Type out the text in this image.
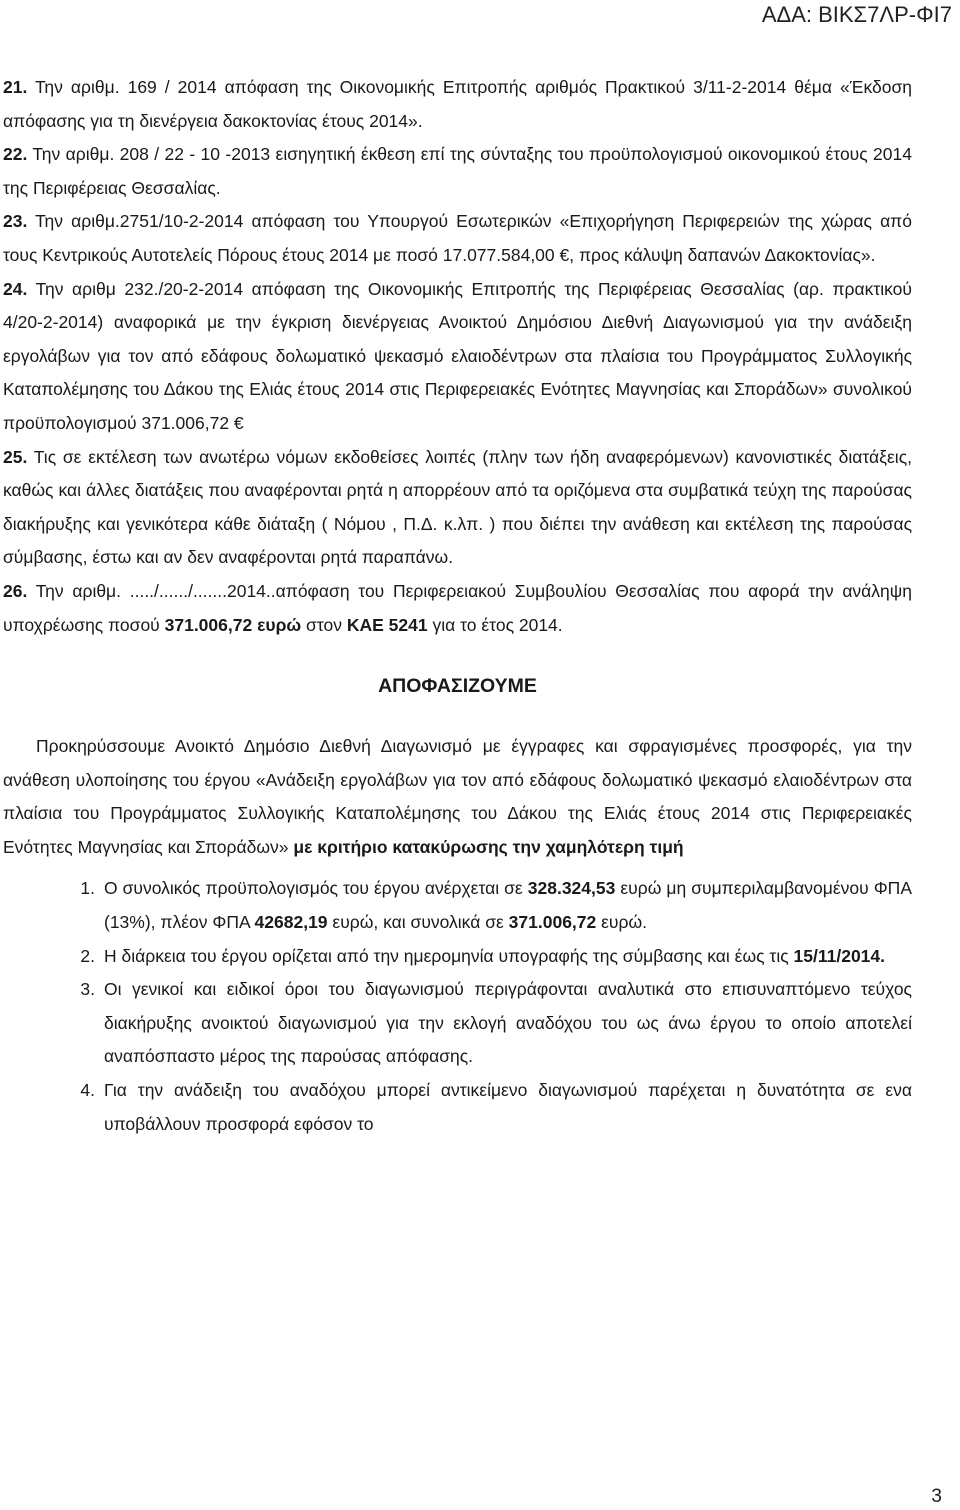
ΑΔΑ: ΒΙΚΣ7ΛΡ-ΦΙ7

21. Την αριθμ. 169 / 2014 απόφαση της Οικονομικής Επιτροπής αριθμός Πρακτικού 3/11-2-2014 θέμα «Έκδοση απόφασης για τη διενέργεια δακοκτονίας έτους 2014».

22. Την αριθμ. 208 / 22 - 10 -2013 εισηγητική έκθεση επί της σύνταξης του προϋπολογισμού οικονομικού έτους 2014 της Περιφέρειας Θεσσαλίας.

23. Την αριθμ.2751/10-2-2014 απόφαση του Υπουργού Εσωτερικών «Επιχορήγηση Περιφερειών της χώρας από τους Κεντρικούς Αυτοτελείς Πόρους έτους 2014 με ποσό 17.077.584,00 €, προς κάλυψη δαπανών Δακοκτονίας».

24. Την αριθμ 232./20-2-2014 απόφαση της Οικονομικής Επιτροπής της Περιφέρειας Θεσσαλίας (αρ. πρακτικού 4/20-2-2014) αναφορικά με την έγκριση διενέργειας Ανοικτού Δημόσιου Διεθνή Διαγωνισμού για την ανάδειξη εργολάβων για τον από εδάφους δολωματικό ψεκασμό ελαιοδέντρων στα πλαίσια του Προγράμματος Συλλογικής Καταπολέμησης του Δάκου της Ελιάς έτους 2014 στις Περιφερειακές Ενότητες Μαγνησίας και Σποράδων» συνολικού προϋπολογισμού 371.006,72 €

25. Τις σε εκτέλεση των ανωτέρω νόμων εκδοθείσες λοιπές (πλην των ήδη αναφερόμενων) κανονιστικές διατάξεις, καθώς και άλλες διατάξεις που αναφέρονται ρητά η απορρέουν από τα οριζόμενα στα συμβατικά τεύχη της παρούσας διακήρυξης και γενικότερα κάθε διάταξη ( Νόμου , Π.Δ. κ.λπ. ) που διέπει την ανάθεση και εκτέλεση της παρούσας σύμβασης, έστω και αν δεν αναφέρονται ρητά παραπάνω.

26. Την αριθμ. ...../....../.......2014..απόφαση του Περιφερειακού Συμβουλίου Θεσσαλίας που αφορά την ανάληψη υποχρέωσης ποσού 371.006,72 ευρώ στον ΚΑΕ 5241 για το έτος 2014.

ΑΠΟΦΑΣΙΖΟΥΜΕ

Προκηρύσσουμε Ανοικτό Δημόσιο Διεθνή Διαγωνισμό με έγγραφες και σφραγισμένες προσφορές, για την ανάθεση υλοποίησης του έργου «Ανάδειξη εργολάβων για τον από εδάφους δολωματικό ψεκασμό ελαιοδέντρων στα πλαίσια του Προγράμματος Συλλογικής Καταπολέμησης του Δάκου της Ελιάς έτους 2014 στις Περιφερειακές Ενότητες Μαγνησίας και Σποράδων» με κριτήριο κατακύρωσης την χαμηλότερη τιμή

1. Ο συνολικός προϋπολογισμός του έργου ανέρχεται σε 328.324,53 ευρώ μη συμπεριλαμβανομένου ΦΠΑ (13%), πλέον ΦΠΑ 42682,19 ευρώ, και συνολικά σε 371.006,72 ευρώ.
2. Η διάρκεια του έργου ορίζεται από την ημερομηνία υπογραφής της σύμβασης και έως τις 15/11/2014.
3. Οι γενικοί και ειδικοί όροι του διαγωνισμού περιγράφονται αναλυτικά στο επισυναπτόμενο τεύχος διακήρυξης ανοικτού διαγωνισμού για την εκλογή αναδόχου του ως άνω έργου το οποίο αποτελεί αναπόσπαστο μέρος της παρούσας απόφασης.
4. Για την ανάδειξη του αναδόχου μπορεί αντικείμενο διαγωνισμού παρέχεται η δυνατότητα σε ενα υποβάλλουν προσφορά εφόσον το
3
